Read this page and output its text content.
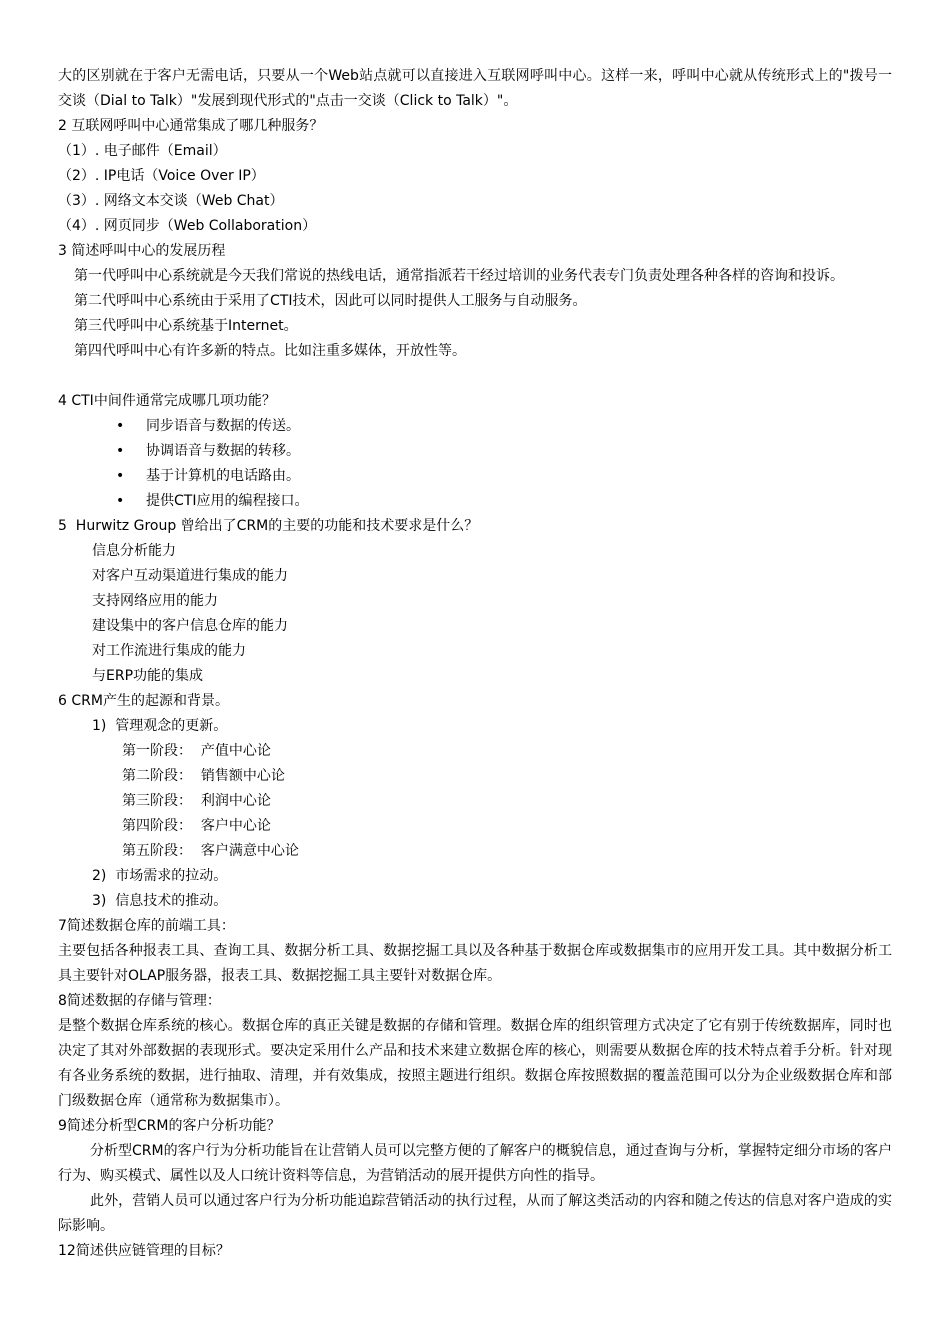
大的区别就在于客户无需电话，只要从一个Web站点就可以直接进入互联网呼叫中心。这样一来，呼叫中心就从传统形式上的"拨号一交谈（Dial to Talk）"发展到现代形式的"点击一交谈（Click to Talk）"。
2 互联网呼叫中心通常集成了哪几种服务？
（1）. 电子邮件（Email）
（2）. IP电话（Voice Over IP）
（3）. 网络文本交谈（Web Chat）
（4）. 网页同步（Web Collaboration）
3 简述呼叫中心的发展历程
第一代呼叫中心系统就是今天我们常说的热线电话，通常指派若干经过培训的业务代表专门负责处理各种各样的咨询和投诉。
第二代呼叫中心系统由于采用了CTI技术，因此可以同时提供人工服务与自动服务。
第三代呼叫中心系统基于Internet。
第四代呼叫中心有许多新的特点。比如注重多媒体，开放性等。
4 CTI中间件通常完成哪几项功能？
• 同步语音与数据的传送。
• 协调语音与数据的转移。
• 基于计算机的电话路由。
• 提供CTI应用的编程接口。
5  Hurwitz Group 曾给出了CRM的主要的功能和技术要求是什么？
信息分析能力
对客户互动渠道进行集成的能力
支持网络应用的能力
建设集中的客户信息仓库的能力
对工作流进行集成的能力
与ERP功能的集成
6 CRM产生的起源和背景。
1)  管理观念的更新。
第一阶段：  产值中心论
第二阶段：  销售额中心论
第三阶段：  利润中心论
第四阶段：  客户中心论
第五阶段：  客户满意中心论
2)  市场需求的拉动。
3)  信息技术的推动。
7简述数据仓库的前端工具：
主要包括各种报表工具、查询工具、数据分析工具、数据挖掘工具以及各种基于数据仓库或数据集市的应用开发工具。其中数据分析工具主要针对OLAP服务器，报表工具、数据挖掘工具主要针对数据仓库。
8简述数据的存储与管理：
是整个数据仓库系统的核心。数据仓库的真正关键是数据的存储和管理。数据仓库的组织管理方式决定了它有别于传统数据库，同时也决定了其对外部数据的表现形式。要决定采用什么产品和技术来建立数据仓库的核心，则需要从数据仓库的技术特点着手分析。针对现有各业务系统的数据，进行抽取、清理，并有效集成，按照主题进行组织。数据仓库按照数据的覆盖范围可以分为企业级数据仓库和部门级数据仓库（通常称为数据集市）。
9简述分析型CRM的客户分析功能？
分析型CRM的客户行为分析功能旨在让营销人员可以完整方便的了解客户的概貌信息，通过查询与分析，掌握特定细分市场的客户行为、购买模式、属性以及人口统计资料等信息，为营销活动的展开提供方向性的指导。
此外，营销人员可以通过客户行为分析功能追踪营销活动的执行过程，从而了解这类活动的内容和随之传达的信息对客户造成的实际影响。
12简述供应链管理的目标？
